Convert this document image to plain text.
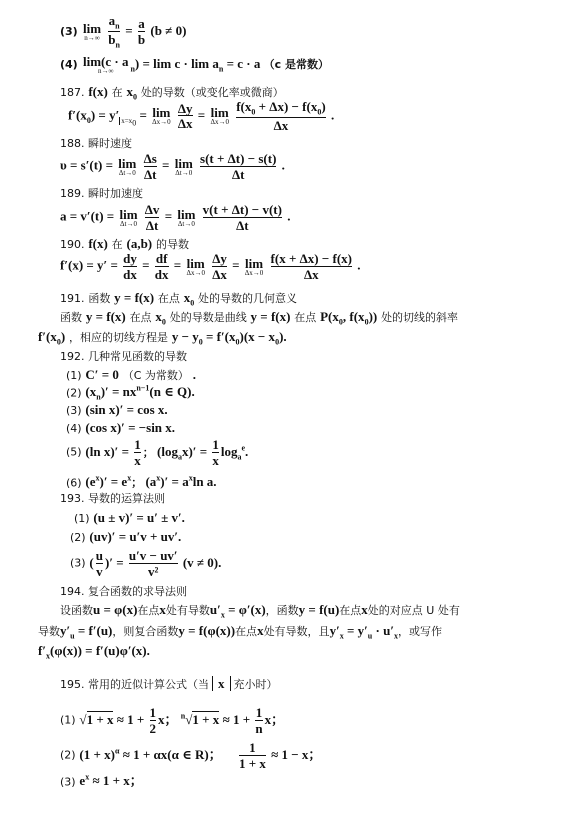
(3) lim
n→∞
$\frac{a_n}{b_n} = \frac{a}{b} (b \ne 0)$
(4) lim(c · a
n→∞	$_n) = \lim c \cdot \lim a_n = c \cdot a$ （c 是常数）
187. f(x) 在 $x_0$ 处的导数（或变化率或微商）
$f'(x_0) = y'$ $_{x=x_0}$ = lim
Δx→0
$\frac{\Delta y}{\Delta x} = \lim$
Δx→0
$\frac{f(x_0 + \Delta x) - f(x_0)}{\Delta x}$ .
188. 瞬时速度
υ = s′(t) = lim
Δt→0
$\frac{\Delta s}{\Delta t} = \lim$
Δt→0
$\frac{s(t + \Delta t) - s(t)}{\Delta t}$ .
189. 瞬时加速度
a = v′(t) = lim
Δt→0
$\frac{\Delta v}{\Delta t} = \lim$
Δt→0
$\frac{v(t + \Delta t) - v(t)}{\Delta t}$ .
190. f(x) 在 (a,b) 的导数
$f'(x) = y' = \frac{dy}{dx} = \frac{df}{dx} = \lim$
Δx→0
$\frac{\Delta y}{\Delta x} = \lim$
Δx→0
$\frac{f(x + \Delta x) - f(x)}{\Delta x}$ .
191. 函数 y = f(x) 在点 $x_0$ 处的导数的几何意义
函数 y = f(x) 在点 $x_0$ 处的导数是曲线 y = f(x) 在点 $P(x_0$, $f(x_0)$) 处的切线的斜率
$f'(x_0)$ ，相应的切线方程是 $y - y_0 = f'(x_0)(x - x_0)$.
192. 几种常见函数的导数
(1) C′ = 0 （C 为常数） .
(2) $(x_n)' = nx^{n-1}(n$ ∈ Q).
(3) (sin x)′ = cos x.
(4) (cos x)′ = −sin x.
(5) (ln $x)' = \frac{1}{x}$ ； $(\log_ax)' = \frac{1}{x} \log_a^e$.
(6) $(e^x)' = e^x$； $(a^x)' = a^x\ln$ a.
193. 导数的运算法则
(1) (u ± v)′ = u′ ± v′.
(2) (uv)′ = u′v + uv′.
(3) ( $\frac{u}{v}$ )′ = $\frac{u'v - uv'}{\text{v²}} (v \ne 0)$.
194. 复合函数的求导法则
设函数u = φ(x)在点x处有导数$u'_x = \varphi'(x)$，函数y = f(u)在点x处的对应点 U 处有
导数$y'_u = f'(u)$，则复合函数y = f(φ(x))在点x处有导数，且$y'_x = y'_u \cdot u'_x$，或写作
$f'_x(\varphi(x)) = f'(u)\varphi'(x)$.
195. 常用的近似计算公式（当 x 充小时）
(1) $√1 + x \approx 1 + \frac{1}{2}$ x； $^n√1 + x \approx 1 + \frac{1}{n}$ x；
(2) $(1 + x)^\alpha \approx 1 + \alpha x(\alpha$ ∈ R)； $\frac{1}{1 + x} \approx 1 - x$；
(3) $e^x \approx 1 + x$；
